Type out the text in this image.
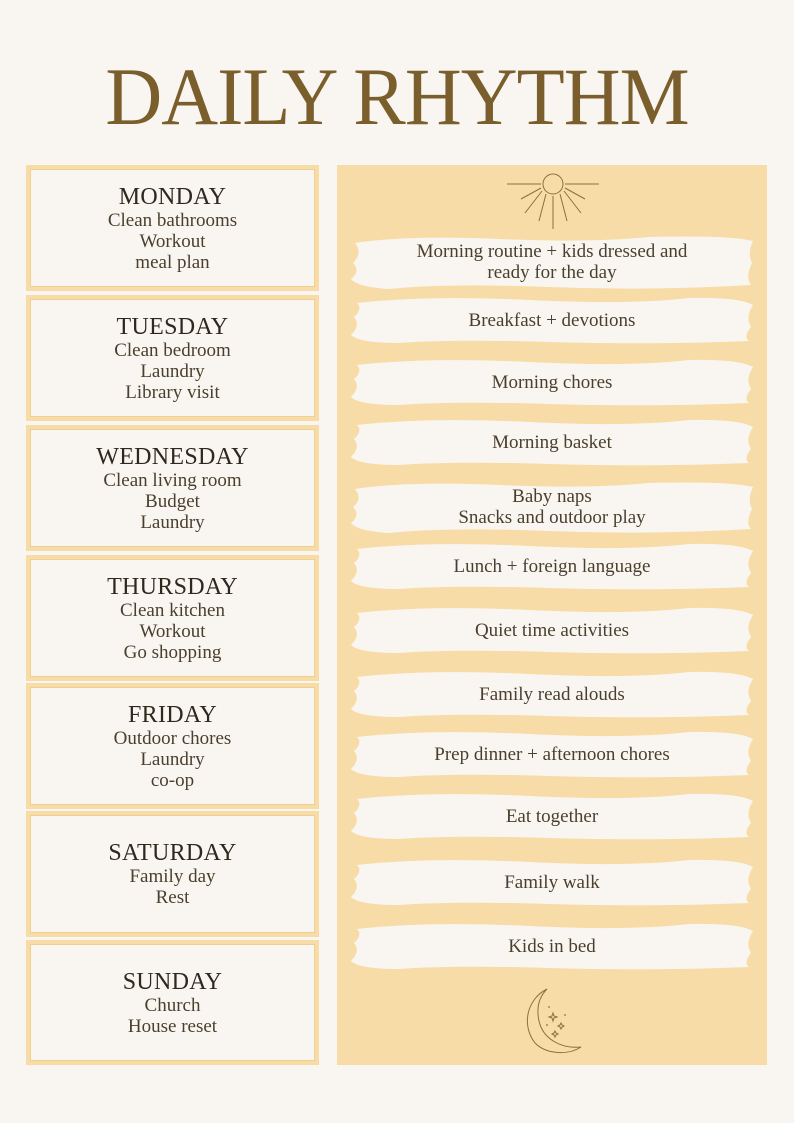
DAILY RHYTHM
MONDAY
Clean bathrooms
Workout
meal plan
TUESDAY
Clean bedroom
Laundry
Library visit
WEDNESDAY
Clean living room
Budget
Laundry
THURSDAY
Clean kitchen
Workout
Go shopping
FRIDAY
Outdoor chores
Laundry
co-op
SATURDAY
Family day
Rest
SUNDAY
Church
House reset
Morning routine + kids dressed and
ready for the day
Breakfast + devotions
Morning chores
Morning basket
Baby naps
Snacks and outdoor play
Lunch + foreign language
Quiet time activities
Family read alouds
Prep dinner + afternoon chores
Eat together
Family walk
Kids in bed
